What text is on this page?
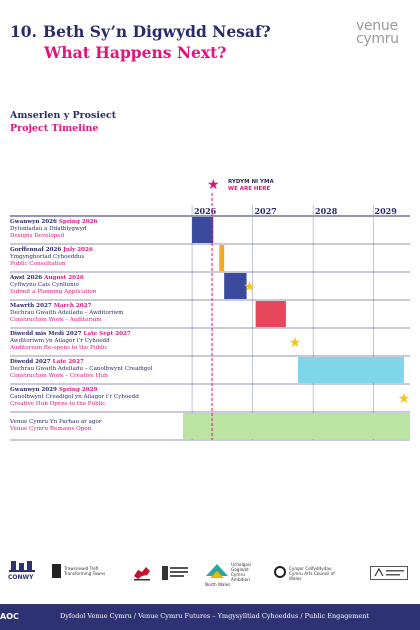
10. Beth Sy’n Digwydd Nesaf?
What Happens Next?
venue
cymru
Amserlen y Prosiect
Project Timeline
★ RYDYM NI YMA
WE ARE HERE
2026	2027	2028	2029
★
★
★
Gwanwyn 2026 Spring 2026
Dyluniadau a Ddatblygwyd
Designs Developed
Gorffennaf 2026 July 2026
Ymgynghoriad Cyhoeddus
Public Consultation
Awst 2026 August 2026
Cyflwyno Cais Cynllunio
Submit a Planning Application
Mawrth 2027 March 2027
Dechrau Gwaith Adeiladu – Awditoriwm
Construction Work – Auditorium
Diwedd mis Medi 2027 Late Sept 2027
Awditoriwm yn Ailagor i’r Cyhoedd
Auditorium Re-opens to the Public
Diwedd 2027 Late 2027
Dechrau Gwaith Adeiladu – Canolbwynt Creadigol
Construction Work – Creative Hub
Gwanwyn 2029 Spring 2029
Canolbwynt Creadigol yn Ailagor i’r Cyhoedd
Creative Hub Opens to the Public
Venue Cymru Yn Parhau ar agor
Venue Cymru Remains Open
CONWY
Trawsnewid Trefi Transforming Towns
Uchelgais Gogledd Cymru Ambition North Wales
Cyngor Celfyddydau Cymru Arts Council of Wales
AOC	Dyfodol Venue Cymru / Venue Cymru Futures – Ymgysylltiad Cyhoeddus / Public Engagement
